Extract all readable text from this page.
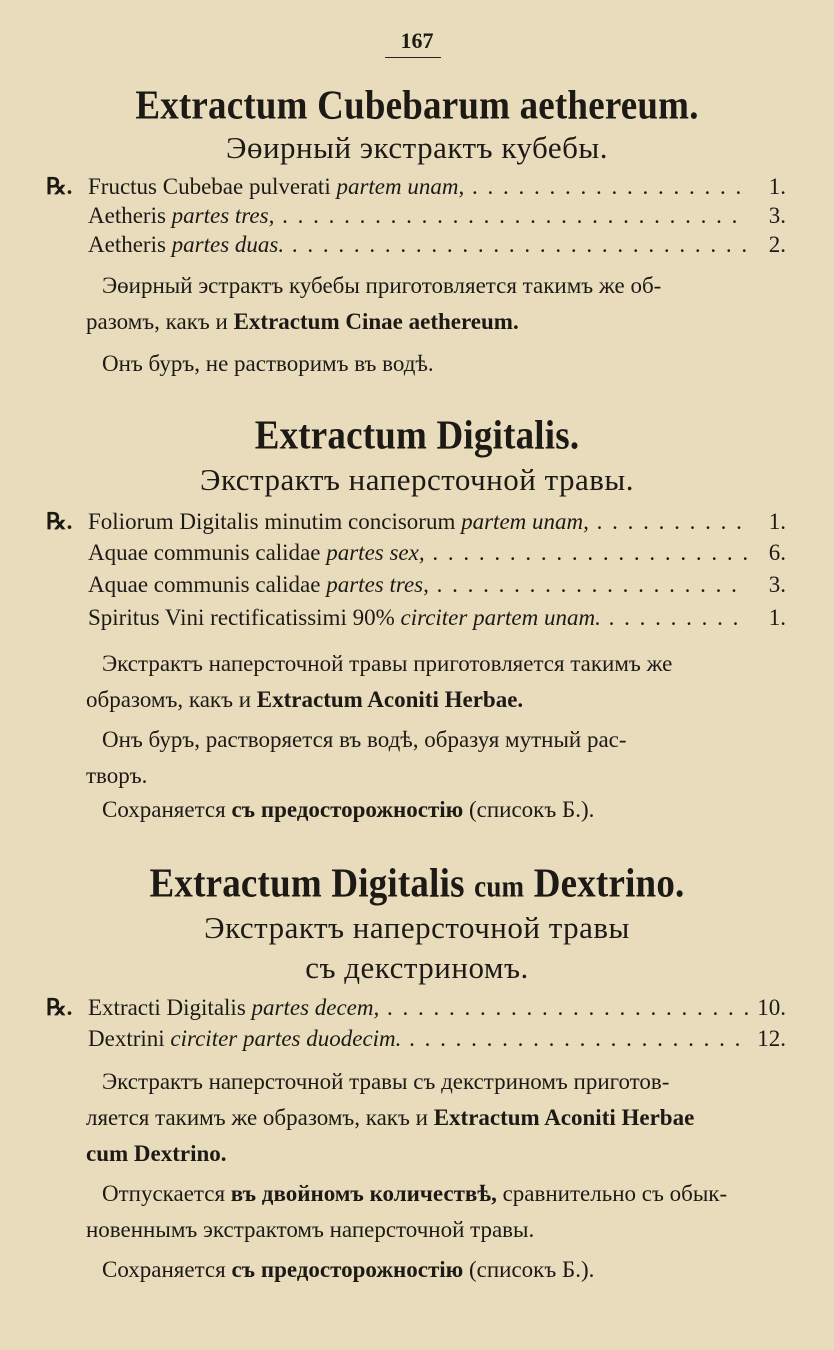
167
Extractum Cubebarum aethereum.
Эөирный экстрактъ кубебы.
℞. Fructus Cubebae pulverati partem unam, . . .	1.
Aetheris partes tres, . . .	3.
Aetheris partes duas. . . .	2.
Эөирный эстрактъ кубебы приготовляется такимъ же об-
разомъ, какъ и Extractum Cinae aethereum.
Онъ буръ, не растворимъ въ водѣ.
Extractum Digitalis.
Экстрактъ наперсточной травы.
℞. Foliorum Digitalis minutim concisorum partem unam, . . .	1.
Aquae communis calidae partes sex, . . .	6.
Aquae communis calidae partes tres, . . .	3.
Spiritus Vini rectificatissimi 90% circiter partem unam. . . .	1.
Экстрактъ наперсточной травы приготовляется такимъ же
образомъ, какъ и Extractum Aconiti Herbae.
Онъ буръ, растворяется въ водѣ, образуя мутный рас-
творъ.
Сохраняется съ предосторожностію (списокъ Б.).
Extractum Digitalis cum Dextrino.
Экстрактъ наперсточной травы
съ декстриномъ.
℞. Extracti Digitalis partes decem, . . .	10.
Dextrini circiter partes duodecim. . . .	12.
Экстрактъ наперсточной травы съ декстриномъ приготов-
ляется такимъ же образомъ, какъ и Extractum Aconiti Herbae
cum Dextrino.
Отпускается въ двойномъ количествѣ, сравнительно съ обык-
новеннымъ экстрактомъ наперсточной травы.
Сохраняется съ предосторожностію (списокъ Б.).
